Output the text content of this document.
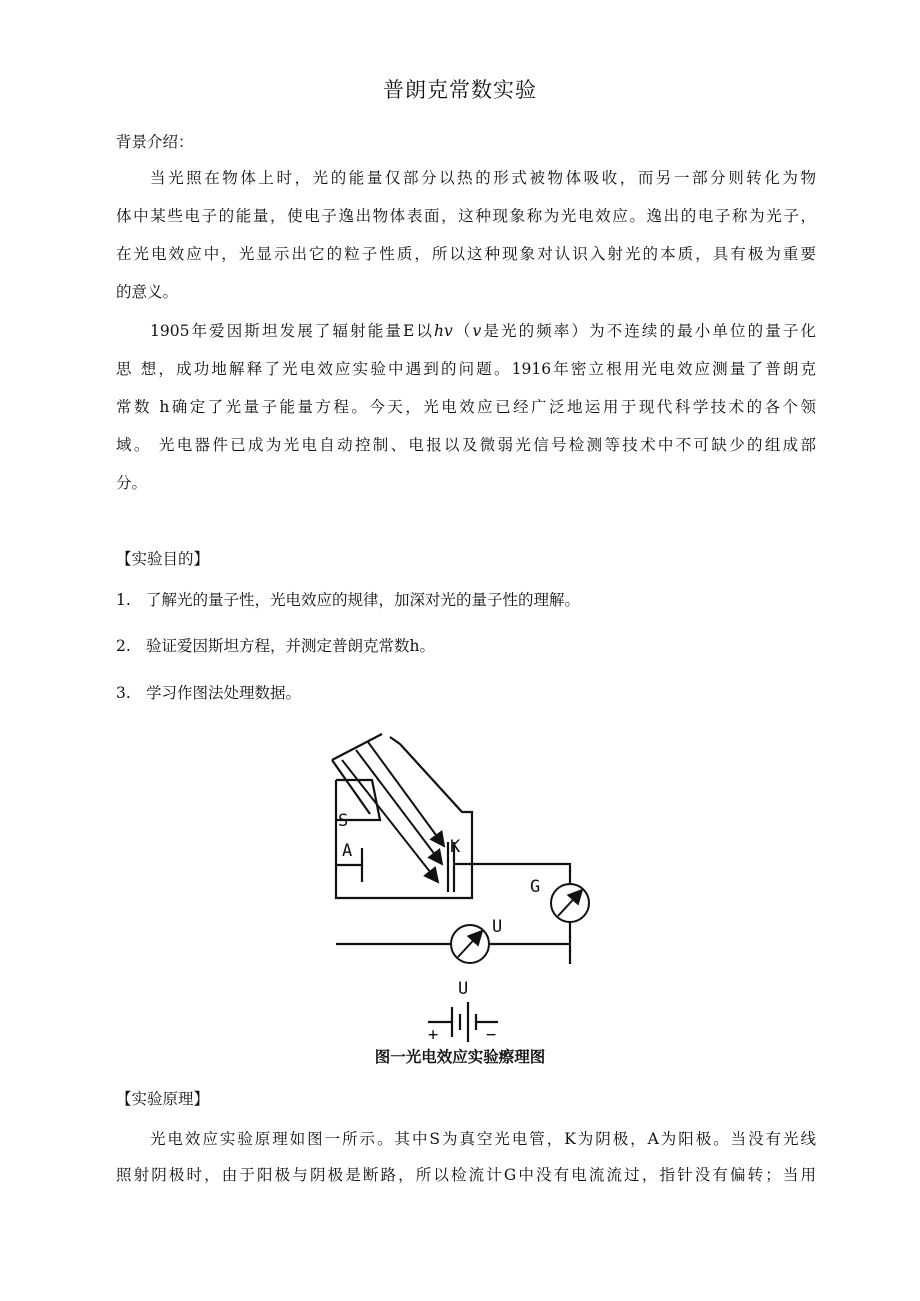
普朗克常数实验
背景介绍：
当光照在物体上时，光的能量仅部分以热的形式被物体吸收，而另一部分则转化为物
体中某些电子的能量，使电子逸出物体表面，这种现象称为光电效应。逸出的电子称为光子，
在光电效应中，光显示出它的粒子性质，所以这种现象对认识入射光的本质，具有极为重要
的意义。
1905年爱因斯坦发展了辐射能量E以hv（v是光的频率）为不连续的最小单位的量子化
思 想，成功地解释了光电效应实验中遇到的问题。1916年密立根用光电效应测量了普朗克
常数 h确定了光量子能量方程。今天，光电效应已经广泛地运用于现代科学技术的各个领
域。 光电器件已成为光电自动控制、电报以及微弱光信号检测等技术中不可缺少的组成部
分。
【实验目的】
1. 了解光的量子性，光电效应的规律，加深对光的量子性的理解。
2. 验证爱因斯坦方程，并测定普朗克常数h。
3. 学习作图法处理数据。
S
A	K
G
U
U
+	−
图一光电效应实验瘵理图
【实验原理】
光电效应实验原理如图一所示。其中S为真空光电管，K为阴极，A为阳极。当没有光线
照射阴极时，由于阳极与阴极是断路，所以检流计G中没有电流流过，指针没有偏转；当用
